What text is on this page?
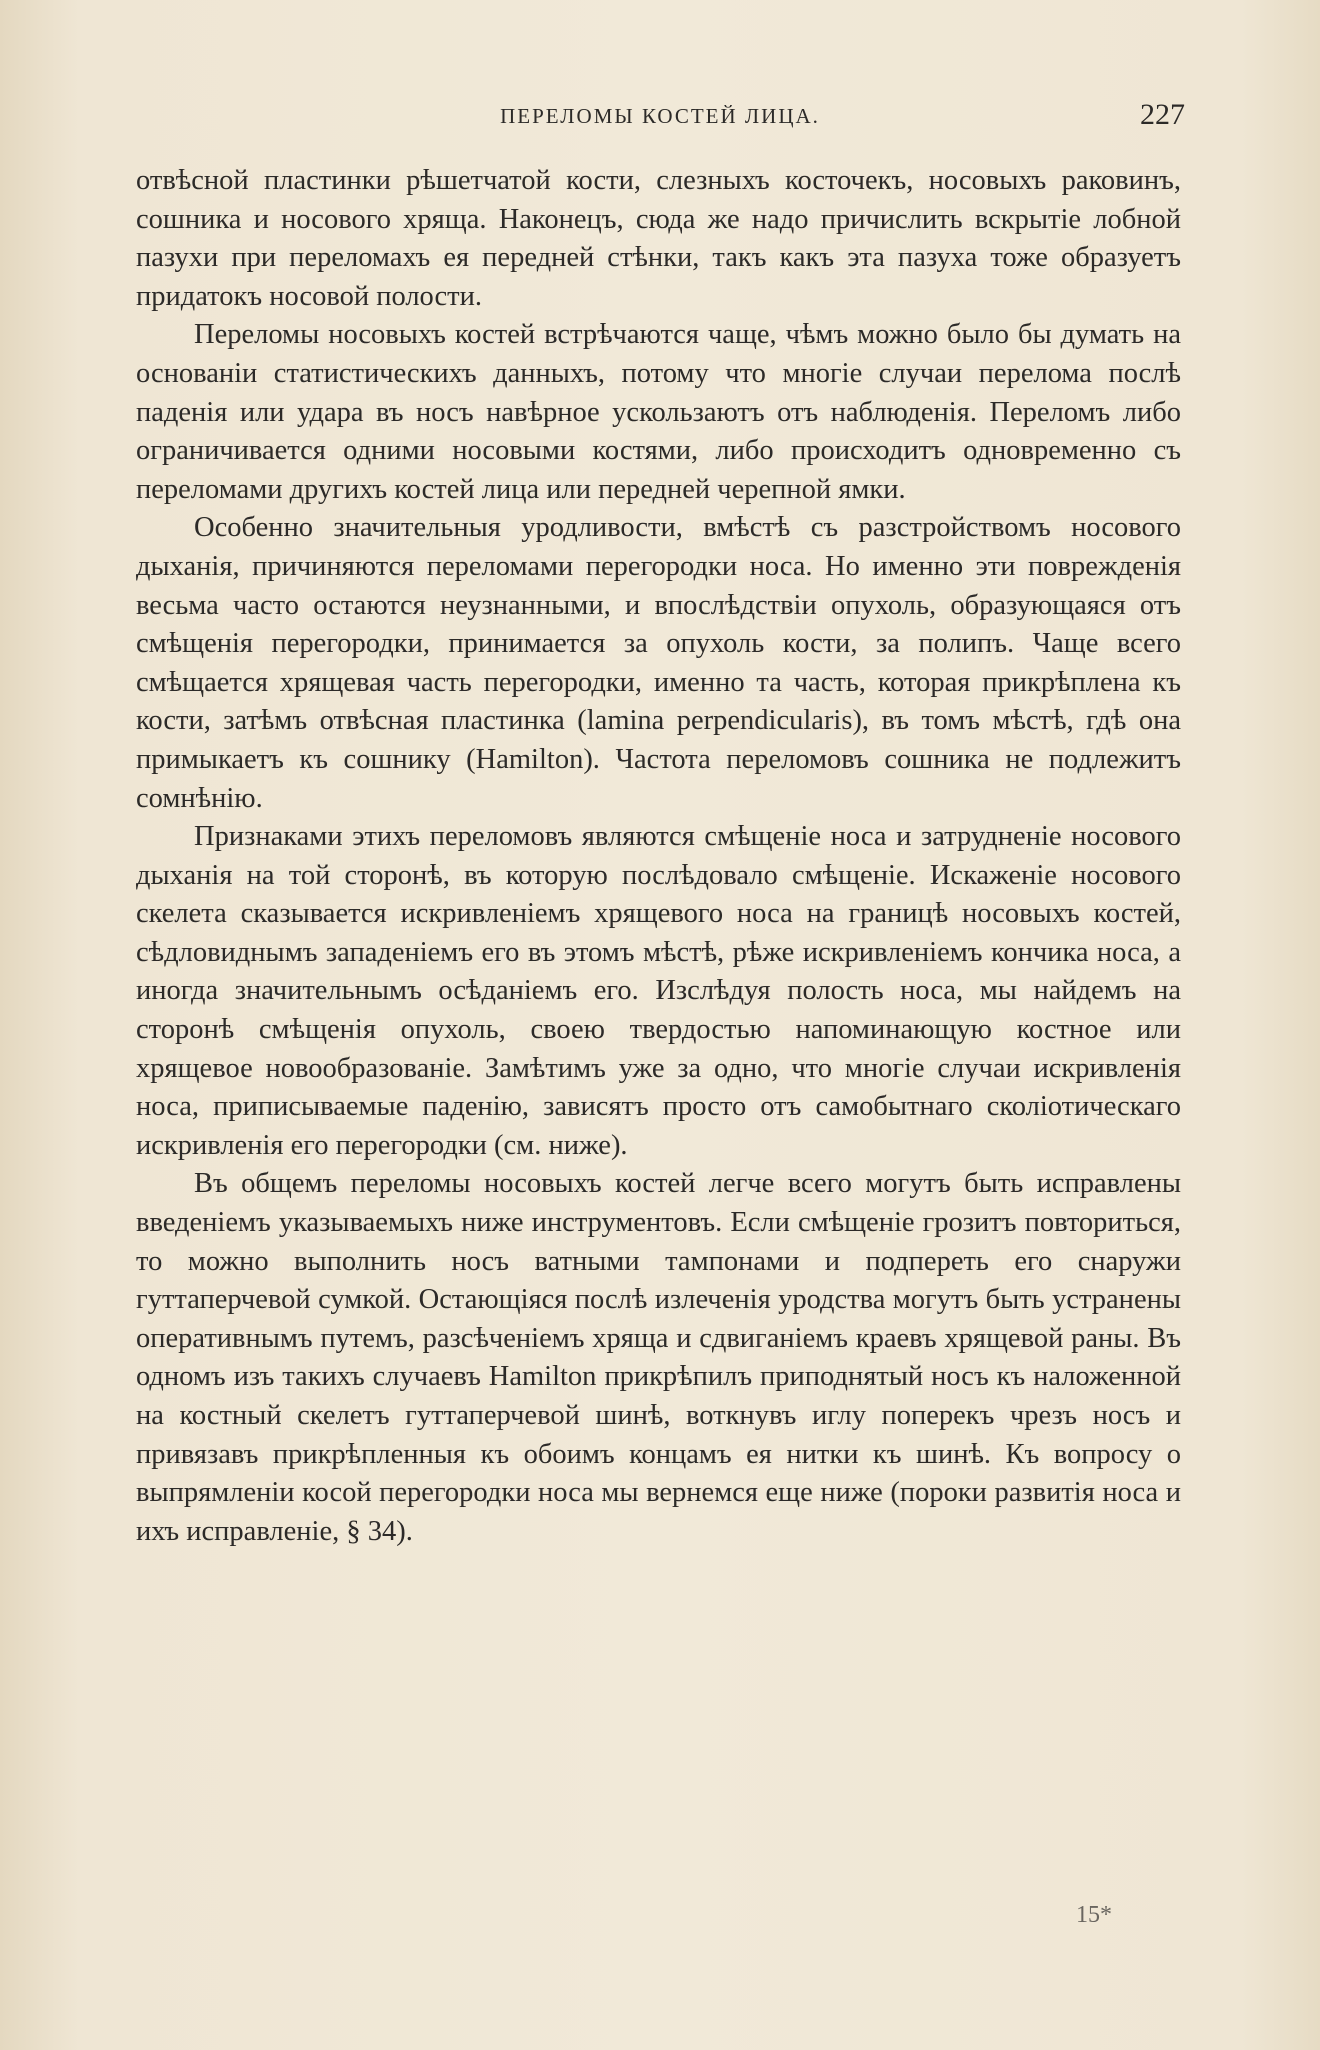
ПЕРЕЛОМЫ КОСТЕЙ ЛИЦА.	227

отвѣсной пластинки рѣшетчатой кости, слезныхъ косточекъ, носовыхъ раковинъ, сошника и носового хряща. Наконецъ, сюда же надо причислить вскрытіе лобной пазухи при переломахъ ея передней стѣнки, такъ какъ эта пазуха тоже образуетъ придатокъ носовой полости.

Переломы носовыхъ костей встрѣчаются чаще, чѣмъ можно было бы думать на основаніи статистическихъ данныхъ, потому что многіе случаи перелома послѣ паденія или удара въ носъ навѣрное ускользаютъ отъ наблюденія. Переломъ либо ограничивается одними носовыми костями, либо происходитъ одновременно съ переломами другихъ костей лица или передней черепной ямки.

Особенно значительныя уродливости, вмѣстѣ съ разстройствомъ носового дыханія, причиняются переломами перегородки носа. Но именно эти поврежденія весьма часто остаются неузнанными, и впослѣдствіи опухоль, образующаяся отъ смѣщенія перегородки, принимается за опухоль кости, за полипъ. Чаще всего смѣщается хрящевая часть перегородки, именно та часть, которая прикрѣплена къ кости, затѣмъ отвѣсная пластинка (lamina perpendicularis), въ томъ мѣстѣ, гдѣ она примыкаетъ къ сошнику (Hamilton). Частота переломовъ сошника не подлежитъ сомнѣнію.

Признаками этихъ переломовъ являются смѣщеніе носа и затрудненіе носового дыханія на той сторонѣ, въ которую послѣдовало смѣщеніе. Искаженіе носового скелета сказывается искривленіемъ хрящевого носа на границѣ носовыхъ костей, сѣдловиднымъ западеніемъ его въ этомъ мѣстѣ, рѣже искривленіемъ кончика носа, а иногда значительнымъ осѣданіемъ его. Изслѣдуя полость носа, мы найдемъ на сторонѣ смѣщенія опухоль, своею твердостью напоминающую костное или хрящевое новообразованіе. Замѣтимъ уже за одно, что многіе случаи искривленія носа, приписываемые паденію, зависятъ просто отъ самобытнаго сколіотическаго искривленія его перегородки (см. ниже).

Въ общемъ переломы носовыхъ костей легче всего могутъ быть исправлены введеніемъ указываемыхъ ниже инструментовъ. Если смѣщеніе грозитъ повториться, то можно выполнить носъ ватными тампонами и подпереть его снаружи гуттаперчевой сумкой. Остающіяся послѣ излеченія уродства могутъ быть устранены оперативнымъ путемъ, разсѣченіемъ хряща и сдвиганіемъ краевъ хрящевой раны. Въ одномъ изъ такихъ случаевъ Hamilton прикрѣпилъ приподнятый носъ къ наложенной на костный скелетъ гуттаперчевой шинѣ, воткнувъ иглу поперекъ чрезъ носъ и привязавъ прикрѣпленныя къ обоимъ концамъ ея нитки къ шинѣ. Къ вопросу о выпрямленіи косой перегородки носа мы вернемся еще ниже (пороки развитія носа и ихъ исправленіе, § 34).

15*
